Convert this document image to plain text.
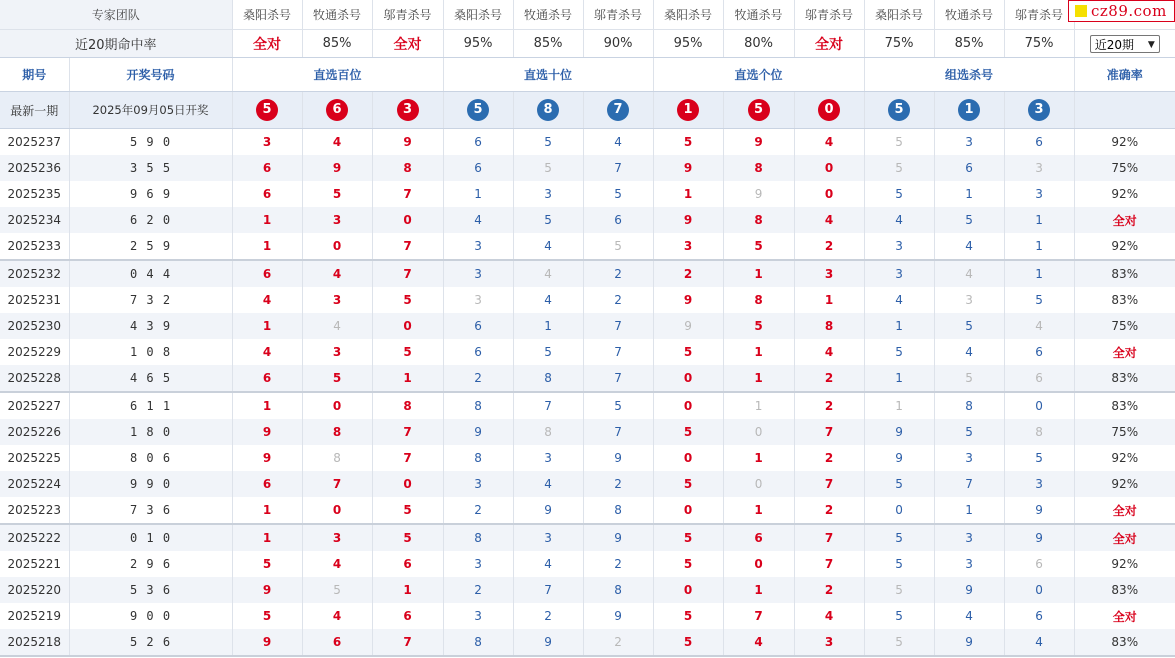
专家团队		桑阳杀号	牧通杀号	邬青杀号	桑阳杀号	牧通杀号	邬青杀号	桑阳杀号	牧通杀号	邬青杀号	桑阳杀号	牧通杀号	邬青杀号	
近20期命中率		全对	85%	全对	95%	85%	90%	95%	80%	全对	75%	85%	75%	近20期 ▼

期号	开奖号码	直选百位			直选十位			直选个位			组选杀号			准确率
最新一期	2025年09月05日开奖	5	6	3	5	8	7	1	5	0	5	1	3	
2025237	5 9 0	3	4	9	6	5	4	5	9	4	5	3	6	92%
2025236	3 5 5	6	9	8	6	5	7	9	8	0	5	6	3	75%
2025235	9 6 9	6	5	7	1	3	5	1	9	0	5	1	3	92%
2025234	6 2 0	1	3	0	4	5	6	9	8	4	4	5	1	全对
2025233	2 5 9	1	0	7	3	4	5	3	5	2	3	4	1	92%
2025232	0 4 4	6	4	7	3	4	2	2	1	3	3	4	1	83%
2025231	7 3 2	4	3	5	3	4	2	9	8	1	4	3	5	83%
2025230	4 3 9	1	4	0	6	1	7	9	5	8	1	5	4	75%
2025229	1 0 8	4	3	5	6	5	7	5	1	4	5	4	6	全对
2025228	4 6 5	6	5	1	2	8	7	0	1	2	1	5	6	83%
2025227	6 1 1	1	0	8	8	7	5	0	1	2	1	8	0	83%
2025226	1 8 0	9	8	7	9	8	7	5	0	7	9	5	8	75%
2025225	8 0 6	9	8	7	8	3	9	0	1	2	9	3	5	92%
2025224	9 9 0	6	7	0	3	4	2	5	0	7	5	7	3	92%
2025223	7 3 6	1	0	5	2	9	8	0	1	2	0	1	9	全对
2025222	0 1 0	1	3	5	8	3	9	5	6	7	5	3	9	全对
2025221	2 9 6	5	4	6	3	4	2	5	0	7	5	3	6	92%
2025220	5 3 6	9	5	1	2	7	8	0	1	2	5	9	0	83%
2025219	9 0 0	5	4	6	3	2	9	5	7	4	5	4	6	全对
2025218	5 2 6	9	6	7	8	9	2	5	4	3	5	9	4	83%
cz89.com
